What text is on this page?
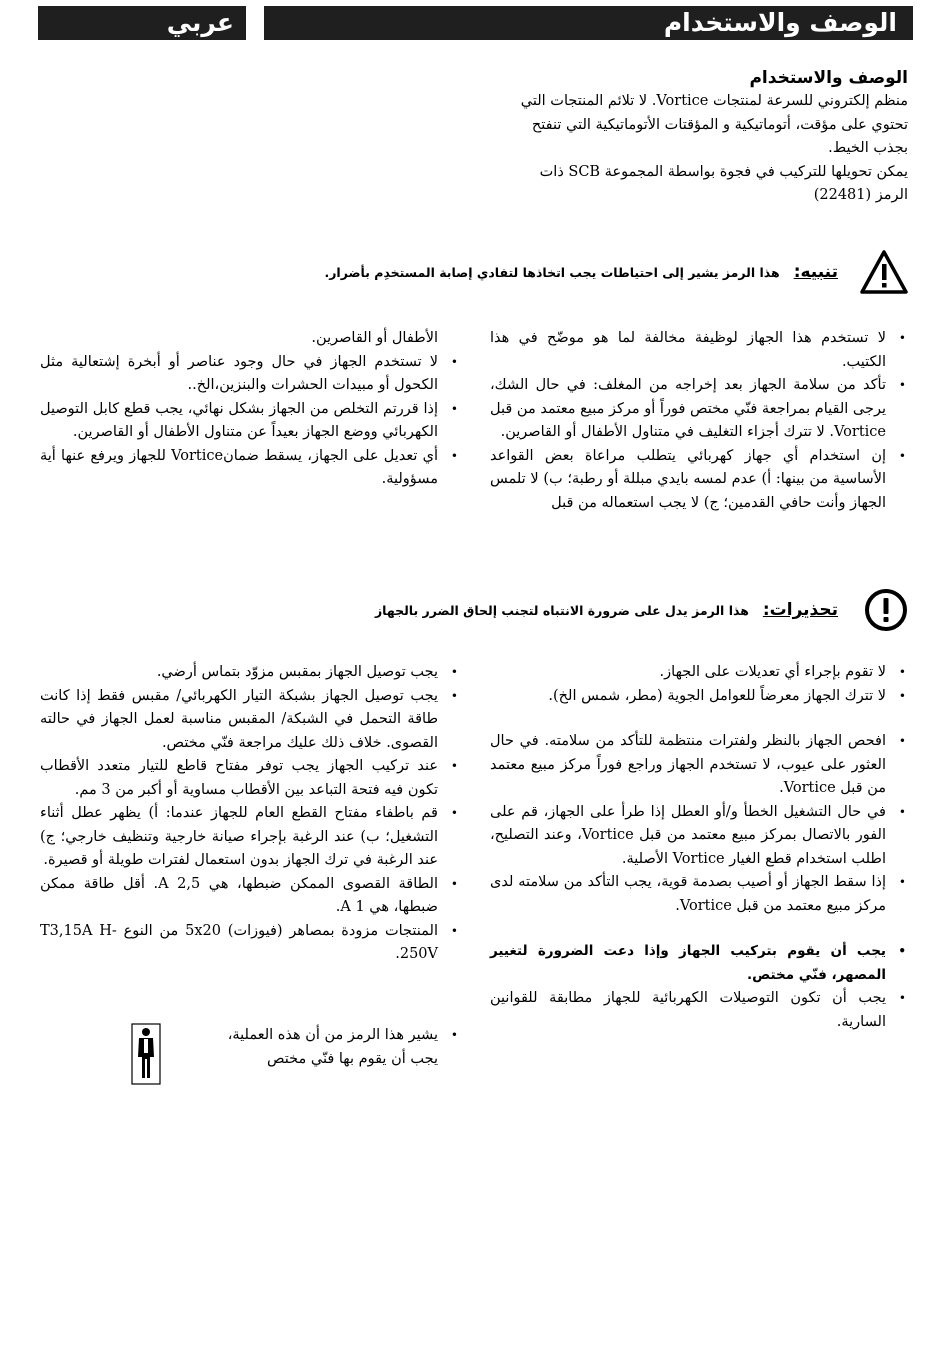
عربي	الوصف والاستخدام
الوصف والاستخدام
منظم إلكتروني للسرعة لمنتجات Vortice. لا تلائم المنتجات التي
تحتوي على مؤقت، أتوماتيكية و المؤقتات الأتوماتيكية التي تنفتح
بجذب الخيط.
يمكن تحويلها للتركيب في فجوة بواسطة المجموعة SCB ذات
الرمز (22481)
تنبيه:هذا الرمز يشير إلى احتياطات يجب اتخاذها لتفادي إصابة المستخدِم بأضرار.
• لا تستخدم هذا الجهاز لوظيفة مخالفة لما هو موضّح في هذا الكتيب.
• تأكد من سلامة الجهاز بعد إخراجه من المغلف: في حال الشك، يرجى القيام بمراجعة فنّي مختص فوراً أو مركز مبيع معتمد من قبل Vortice. لا تترك أجزاء التغليف في متناول الأطفال أو القاصرين.
• إن استخدام أي جهاز كهربائي يتطلب مراعاة بعض القواعد الأساسية من بينها: أ) عدم لمسه بايدي مبللة أو رطبة؛ ب) لا تلمس الجهاز وأنت حافي القدمين؛ ج) لا يجب استعماله من قبل
الأطفال أو القاصرين.
• لا تستخدم الجهاز في حال وجود عناصر أو أبخرة إشتعالية مثل الكحول أو مبيدات الحشرات والبنزين،الخ..
• إذا قررتم التخلص من الجهاز بشكل نهائي، يجب قطع كابل التوصيل الكهربائي ووضع الجهاز بعيداً عن متناول الأطفال أو القاصرين.
• أي تعديل على الجهاز، يسقط ضمانVortice للجهاز ويرفع عنها أية مسؤولية.
تحذيرات:هذا الرمز يدل على ضرورة الانتباه لتجنب إلحاق الضرر بالجهاز
• لا تقوم بإجراء أي تعديلات على الجهاز.
• لا تترك الجهاز معرضاً للعوامل الجوية (مطر، شمس الخ).
• افحص الجهاز بالنظر ولفترات منتظمة للتأكد من سلامته. في حال العثور على عيوب، لا تستخدم الجهاز وراجع فوراً مركز مبيع معتمد من قبل Vortice.
• في حال التشغيل الخطأ و/أو العطل إذا طرأ على الجهاز، قم على الفور بالاتصال بمركز مبيع معتمد من قبل Vortice، وعند التصليح، اطلب استخدام قطع الغيار Vortice الأصلية.
• إذا سقط الجهاز أو أصيب بصدمة قوية، يجب التأكد من سلامته لدى مركز مبيع معتمد من قبل Vortice.
• يجب أن يقوم بتركيب الجهاز وإذا دعت الضرورة لتغيير المصهر، فنّي مختص.
• يجب أن تكون التوصيلات الكهربائية للجهاز مطابقة للقوانين السارية.
• يجب توصيل الجهاز بمقبس مزوّد بتماس أرضي.
• يجب توصيل الجهاز بشبكة التيار الكهربائي/ مقبس فقط إذا كانت طاقة التحمل في الشبكة/ المقبس مناسبة لعمل الجهاز في حالته القصوى. خلاف ذلك عليك مراجعة فنّي مختص.
• عند تركيب الجهاز يجب توفر مفتاح قاطع للتيار متعدد الأقطاب تكون فيه فتحة التباعد بين الأقطاب مساوية أو أكبر من 3 مم.
• قم باطفاء مفتاح القطع العام للجهاز عندما: أ) يظهر عطل أثناء التشغيل؛ ب) عند الرغبة بإجراء صيانة خارجية وتنظيف خارجي؛ ج) عند الرغبة في ترك الجهاز بدون استعمال لفترات طويلة أو قصيرة.
• الطاقة القصوى الممكن ضبطها، هي A 2,5. أقل طاقة ممكن ضبطها، هي A 1.
• المنتجات مزودة بمصاهر (فيوزات) 5x20 من النوع T3,15A H-250V.
• يشير هذا الرمز من أن هذه العملية،
يجب أن يقوم بها فنّي مختص
